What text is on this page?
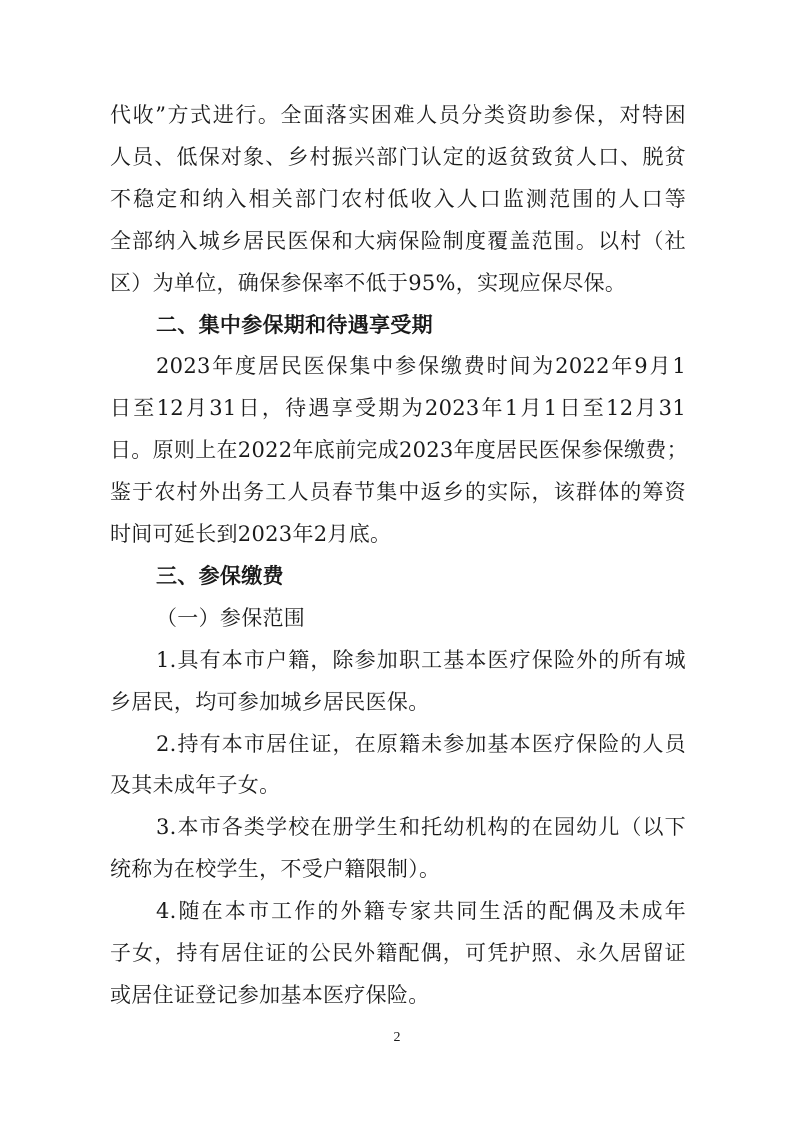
代收”方式进行。全面落实困难人员分类资助参保，对特困
人员、低保对象、乡村振兴部门认定的返贫致贫人口、脱贫
不稳定和纳入相关部门农村低收入人口监测范围的人口等
全部纳入城乡居民医保和大病保险制度覆盖范围。以村（社
区）为单位，确保参保率不低于95%，实现应保尽保。
二、集中参保期和待遇享受期
2023年度居民医保集中参保缴费时间为2022年9月1
日至12月31日，待遇享受期为2023年1月1日至12月31
日。原则上在2022年底前完成2023年度居民医保参保缴费；
鉴于农村外出务工人员春节集中返乡的实际，该群体的筹资
时间可延长到2023年2月底。
三、参保缴费
（一）参保范围
1.具有本市户籍，除参加职工基本医疗保险外的所有城
乡居民，均可参加城乡居民医保。
2.持有本市居住证，在原籍未参加基本医疗保险的人员
及其未成年子女。
3.本市各类学校在册学生和托幼机构的在园幼儿（以下
统称为在校学生，不受户籍限制）。
4.随在本市工作的外籍专家共同生活的配偶及未成年
子女，持有居住证的公民外籍配偶，可凭护照、永久居留证
或居住证登记参加基本医疗保险。
2
